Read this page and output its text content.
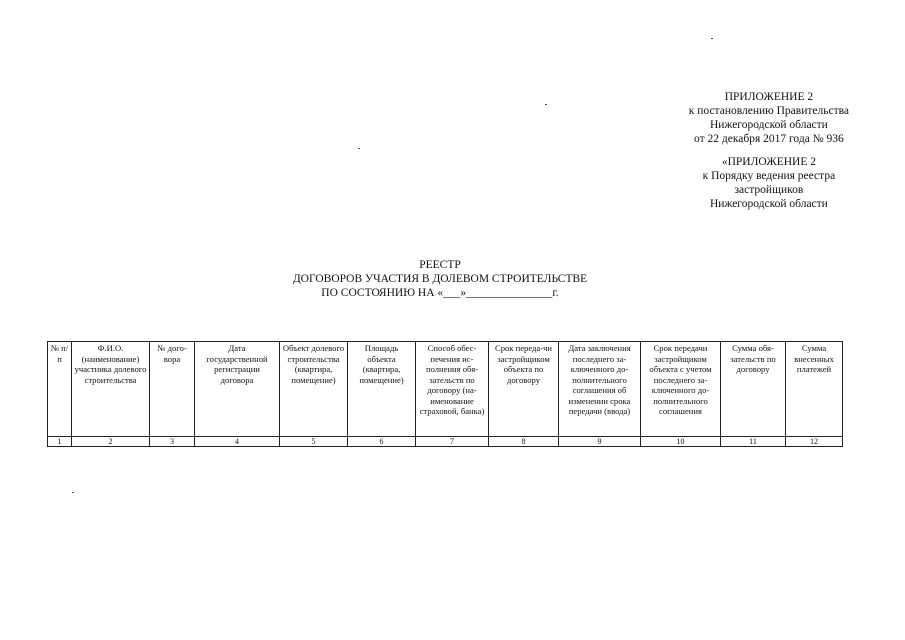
ПРИЛОЖЕНИЕ 2
к постановлению Правительства
Нижегородской области
от 22 декабря 2017 года № 936
«ПРИЛОЖЕНИЕ 2
к Порядку ведения реестра
застройщиков
Нижегородской области
РЕЕСТР
ДОГОВОРОВ УЧАСТИЯ В ДОЛЕВОМ СТРОИТЕЛЬСТВЕ
ПО СОСТОЯНИЮ НА «___»_______________г.
№ п/п	Ф.И.О. (наименование) участника долевого строительства	№ дого-вора	Дата государственной регистрации договора	Объект долевого строительства (квартира, помещение)	Площадь объекта (квартира, помещение)	Способ обес-печения ис-полнения обя-зательств по договору (на-именование страховой, банка)	Срок переда-чи застройщиком объекта по договору	Дата заключения последнего за-ключенного до-полнительного соглашения об изменении срока передачи (ввода)	Срок передачи застройщиком объекта с учетом последнего за-ключенного до-полнительного соглашения	Сумма обя-зательств по договору	Сумма внесенных платежей
1	2	3	4	5	6	7	8	9	10	11	12
